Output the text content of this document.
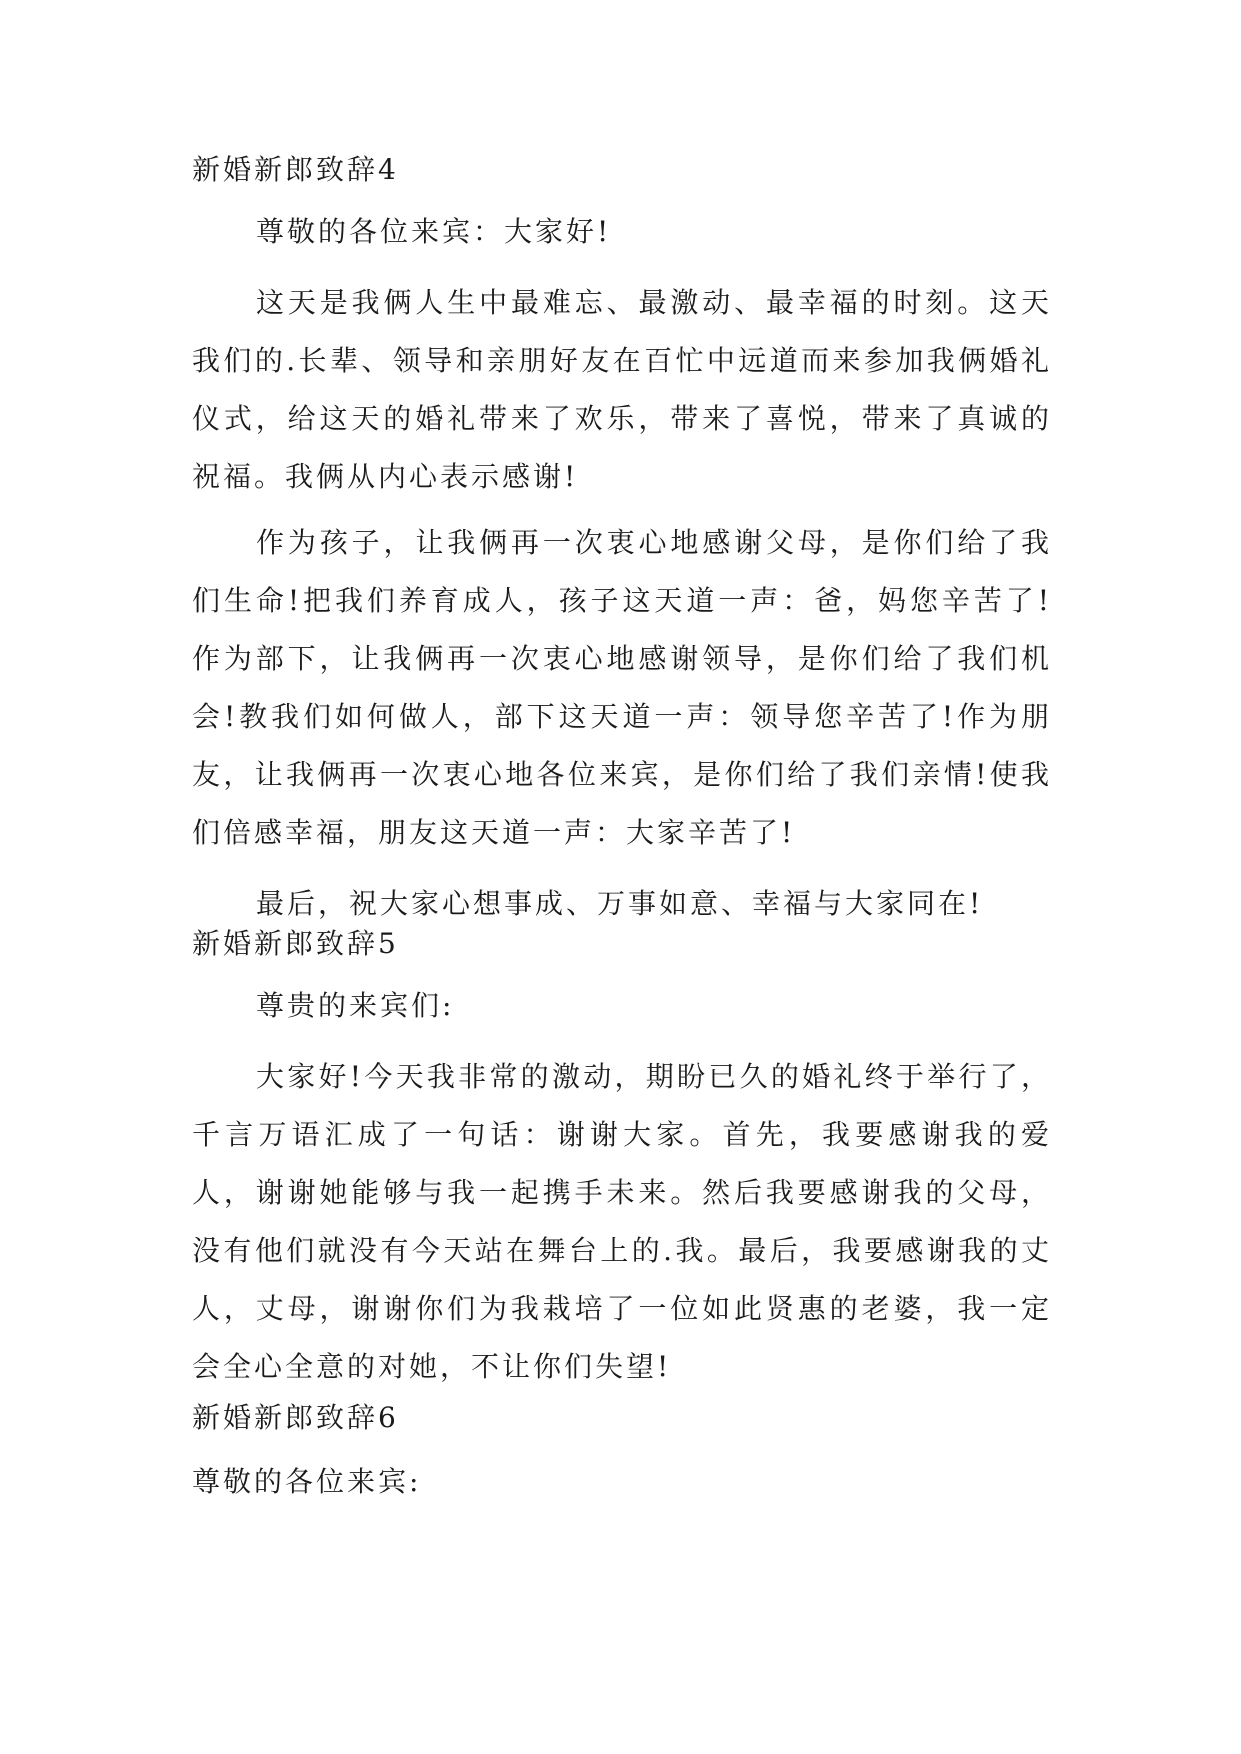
新婚新郎致辞4

尊敬的各位来宾：大家好!

这天是我俩人生中最难忘、最激动、最幸福的时刻。这天我们的.长辈、领导和亲朋好友在百忙中远道而来参加我俩婚礼仪式，给这天的婚礼带来了欢乐，带来了喜悦，带来了真诚的祝福。我俩从内心表示感谢!

作为孩子，让我俩再一次衷心地感谢父母，是你们给了我们生命!把我们养育成人，孩子这天道一声：爸，妈您辛苦了!作为部下，让我俩再一次衷心地感谢领导，是你们给了我们机会!教我们如何做人，部下这天道一声：领导您辛苦了!作为朋友，让我俩再一次衷心地各位来宾，是你们给了我们亲情!使我们倍感幸福，朋友这天道一声：大家辛苦了!

最后，祝大家心想事成、万事如意、幸福与大家同在!

新婚新郎致辞5

尊贵的来宾们:

大家好!今天我非常的激动，期盼已久的婚礼终于举行了，千言万语汇成了一句话：谢谢大家。首先，我要感谢我的爱人，谢谢她能够与我一起携手未来。然后我要感谢我的父母，没有他们就没有今天站在舞台上的.我。最后，我要感谢我的丈人，丈母，谢谢你们为我栽培了一位如此贤惠的老婆，我一定会全心全意的对她，不让你们失望!

新婚新郎致辞6

尊敬的各位来宾:
